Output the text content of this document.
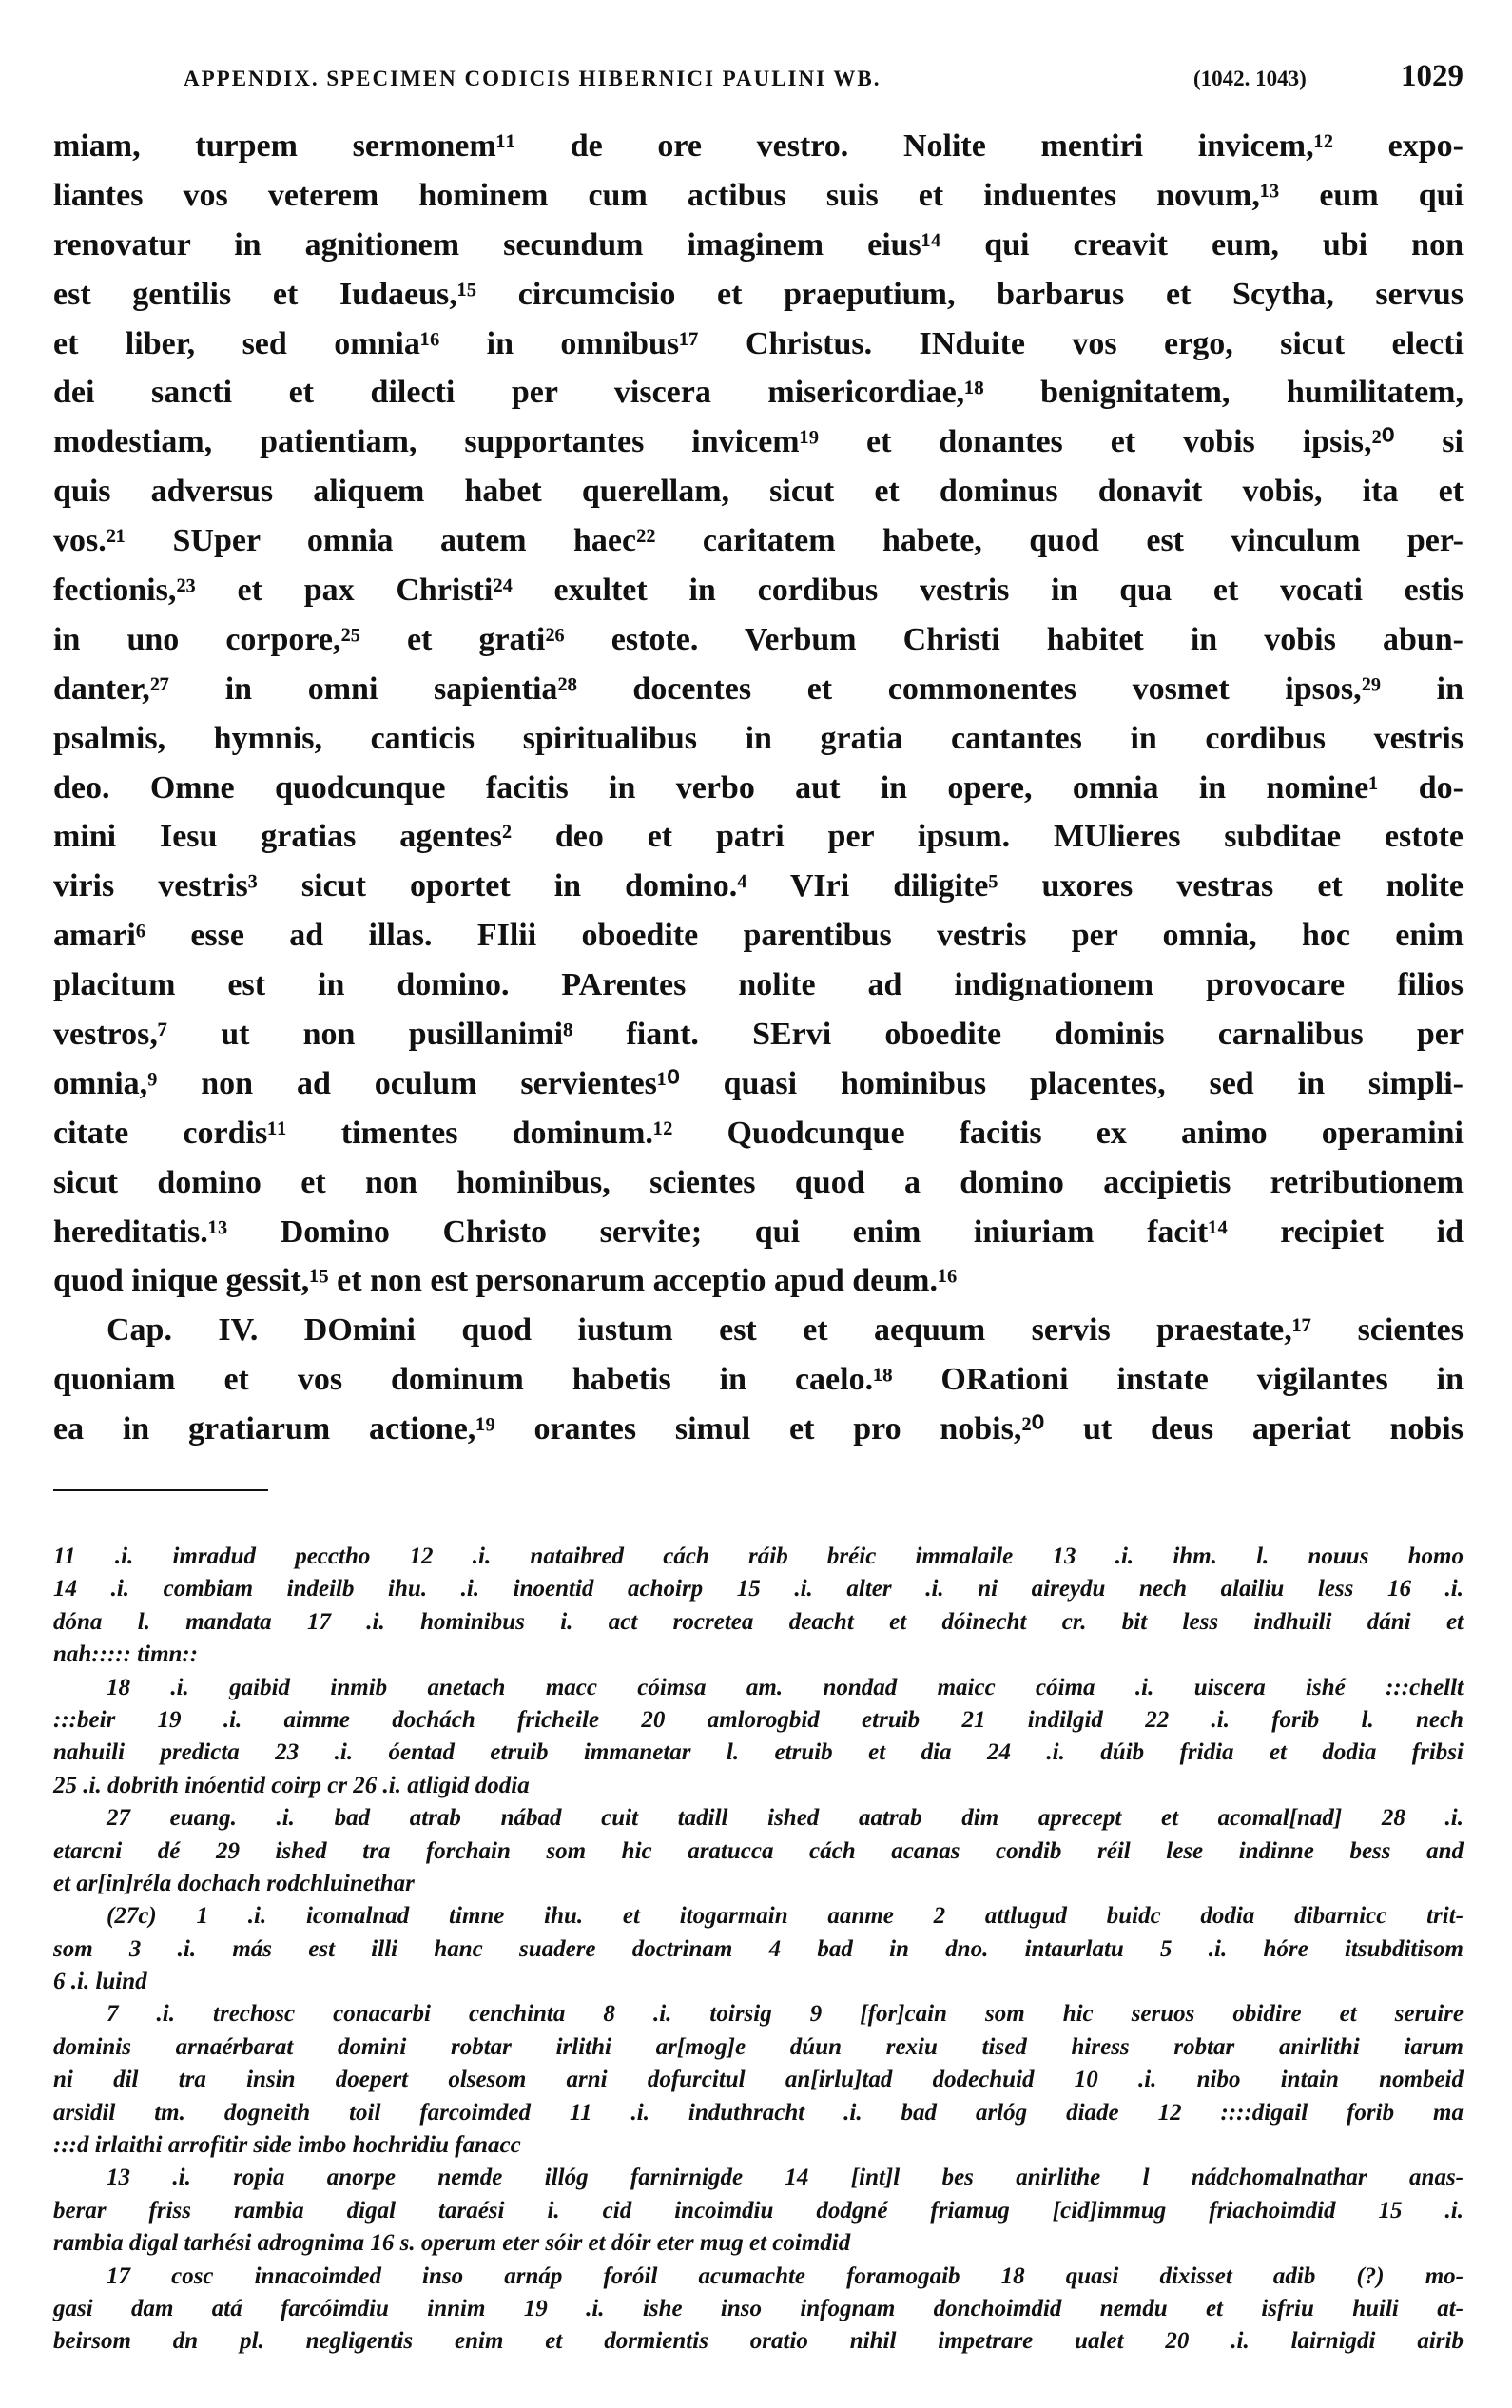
APPENDIX. SPECIMEN CODICIS HIBERNICI PAULINI WB.	(1042. 1043)	1029
miam, turpem sermonem¹¹ de ore vestro. Nolite mentiri invicem,¹² expo-
liantes vos veterem hominem cum actibus suis et induentes novum,¹³ eum qui
renovatur in agnitionem secundum imaginem eius¹⁴ qui creavit eum, ubi non
est gentilis et Iudaeus,¹⁵ circumcisio et praeputium, barbarus et Scytha, servus
et liber, sed omnia¹⁶ in omnibus¹⁷ Christus. INduite vos ergo, sicut electi
dei sancti et dilecti per viscera misericordiae,¹⁸ benignitatem, humilitatem,
modestiam, patientiam, supportantes invicem¹⁹ et donantes et vobis ipsis,²⁰ si
quis adversus aliquem habet querellam, sicut et dominus donavit vobis, ita et
vos.²¹ SUper omnia autem haec²² caritatem habete, quod est vinculum per-
fectionis,²³ et pax Christi²⁴ exultet in cordibus vestris in qua et vocati estis
in uno corpore,²⁵ et grati²⁶ estote. Verbum Christi habitet in vobis abun-
danter,²⁷ in omni sapientia²⁸ docentes et commonentes vosmet ipsos,²⁹ in
psalmis, hymnis, canticis spiritualibus in gratia cantantes in cordibus vestris
deo. Omne quodcunque facitis in verbo aut in opere, omnia in nomine¹ do-
mini Iesu gratias agentes² deo et patri per ipsum. MUlieres subditae estote
viris vestris³ sicut oportet in domino.⁴ VIri diligite⁵ uxores vestras et nolite
amari⁶ esse ad illas. FIlii oboedite parentibus vestris per omnia, hoc enim
placitum est in domino. PArentes nolite ad indignationem provocare filios
vestros,⁷ ut non pusillanimi⁸ fiant. SErvi oboedite dominis carnalibus per
omnia,⁹ non ad oculum servientes¹⁰ quasi hominibus placentes, sed in simpli-
citate cordis¹¹ timentes dominum.¹² Quodcunque facitis ex animo operamini
sicut domino et non hominibus, scientes quod a domino accipietis retributionem
hereditatis.¹³ Domino Christo servite; qui enim iniuriam facit¹⁴ recipiet id
quod inique gessit,¹⁵ et non est personarum acceptio apud deum.¹⁶
Cap. IV. DOmini quod iustum est et aequum servis praestate,¹⁷ scientes
quoniam et vos dominum habetis in caelo.¹⁸ ORationi instate vigilantes in
ea in gratiarum actione,¹⁹ orantes simul et pro nobis,²⁰ ut deus aperiat nobis
11 .i. imradud pecctho 12 .i. nataibred cách ráib bréic immalaile 13 .i. ihm. l. nouus homo
14 .i. combiam indeilb ihu. .i. inoentid achoirp 15 .i. alter .i. ni aireydu nech alailiu less 16 .i.
dóna l. mandata 17 .i. hominibus i. act rocretea deacht et dóinecht cr. bit less indhuili dáni et
nah::::: timn::
18 .i. gaibid inmib anetach macc cóimsa am. nondad maicc cóima .i. uiscera ishé :::chellt
:::beir 19 .i. aimme dochách fricheile 20 amlorogbid etruib 21 indilgid 22 .i. forib l. nech
nahuili predicta 23 .i. óentad etruib immanetar l. etruib et dia 24 .i. dúib fridia et dodia fribsi
25 .i. dobrith inóentid coirp cr 26 .i. atligid dodia
27 euang. .i. bad atrab nábad cuit tadill ished aatrab dim aprecept et acomal[nad] 28 .i.
etarcni dé 29 ished tra forchain som hic aratucca cách acanas condib réil lese indinne bess and
et ar[in]réla dochach rodchluinethar
(27c) 1 .i. icomalnad timne ihu. et itogarmain aanme 2 attlugud buidc dodia dibarnicc trit-
som 3 .i. más est illi hanc suadere doctrinam 4 bad in dno. intaurlatu 5 .i. hóre itsubditisom
6 .i. luind
7 .i. trechosc conacarbi cenchinta 8 .i. toirsig 9 [for]cain som hic seruos obidire et seruire
dominis arnaérbarat domini robtar irlithi ar[mog]e dúun rexiu tised hiress robtar anirlithi iarum
ni dil tra insin doepert olsesom arni dofurcitul an[irlu]tad dodechuid 10 .i. nibo intain nombeid
arsidil tm. dogneith toil farcoimded 11 .i. induthracht .i. bad arlóg diade 12 ::::digail forib ma
:::d irlaithi arrofitir side imbo hochridiu fanacc
13 .i. ropia anorpe nemde illóg farnirnigde 14 [int]l bes anirlithe l nádchomalnathar anas-
berar friss rambia digal taraési i. cid incoimdiu dodgné friamug [cid]immug friachoimdid 15 .i.
rambia digal tarhési adrognima 16 s. operum eter sóir et dóir eter mug et coimdid
17 cosc innacoimded inso arnáp foróil acumachte foramogaib 18 quasi dixisset adib (?) mo-
gasi dam atá farcóimdiu innim 19 .i. ishe inso infognam donchoimdid nemdu et isfriu huili at-
beirsom dn pl. negligentis enim et dormientis oratio nihil impetrare ualet 20 .i. lairnigdi airib
